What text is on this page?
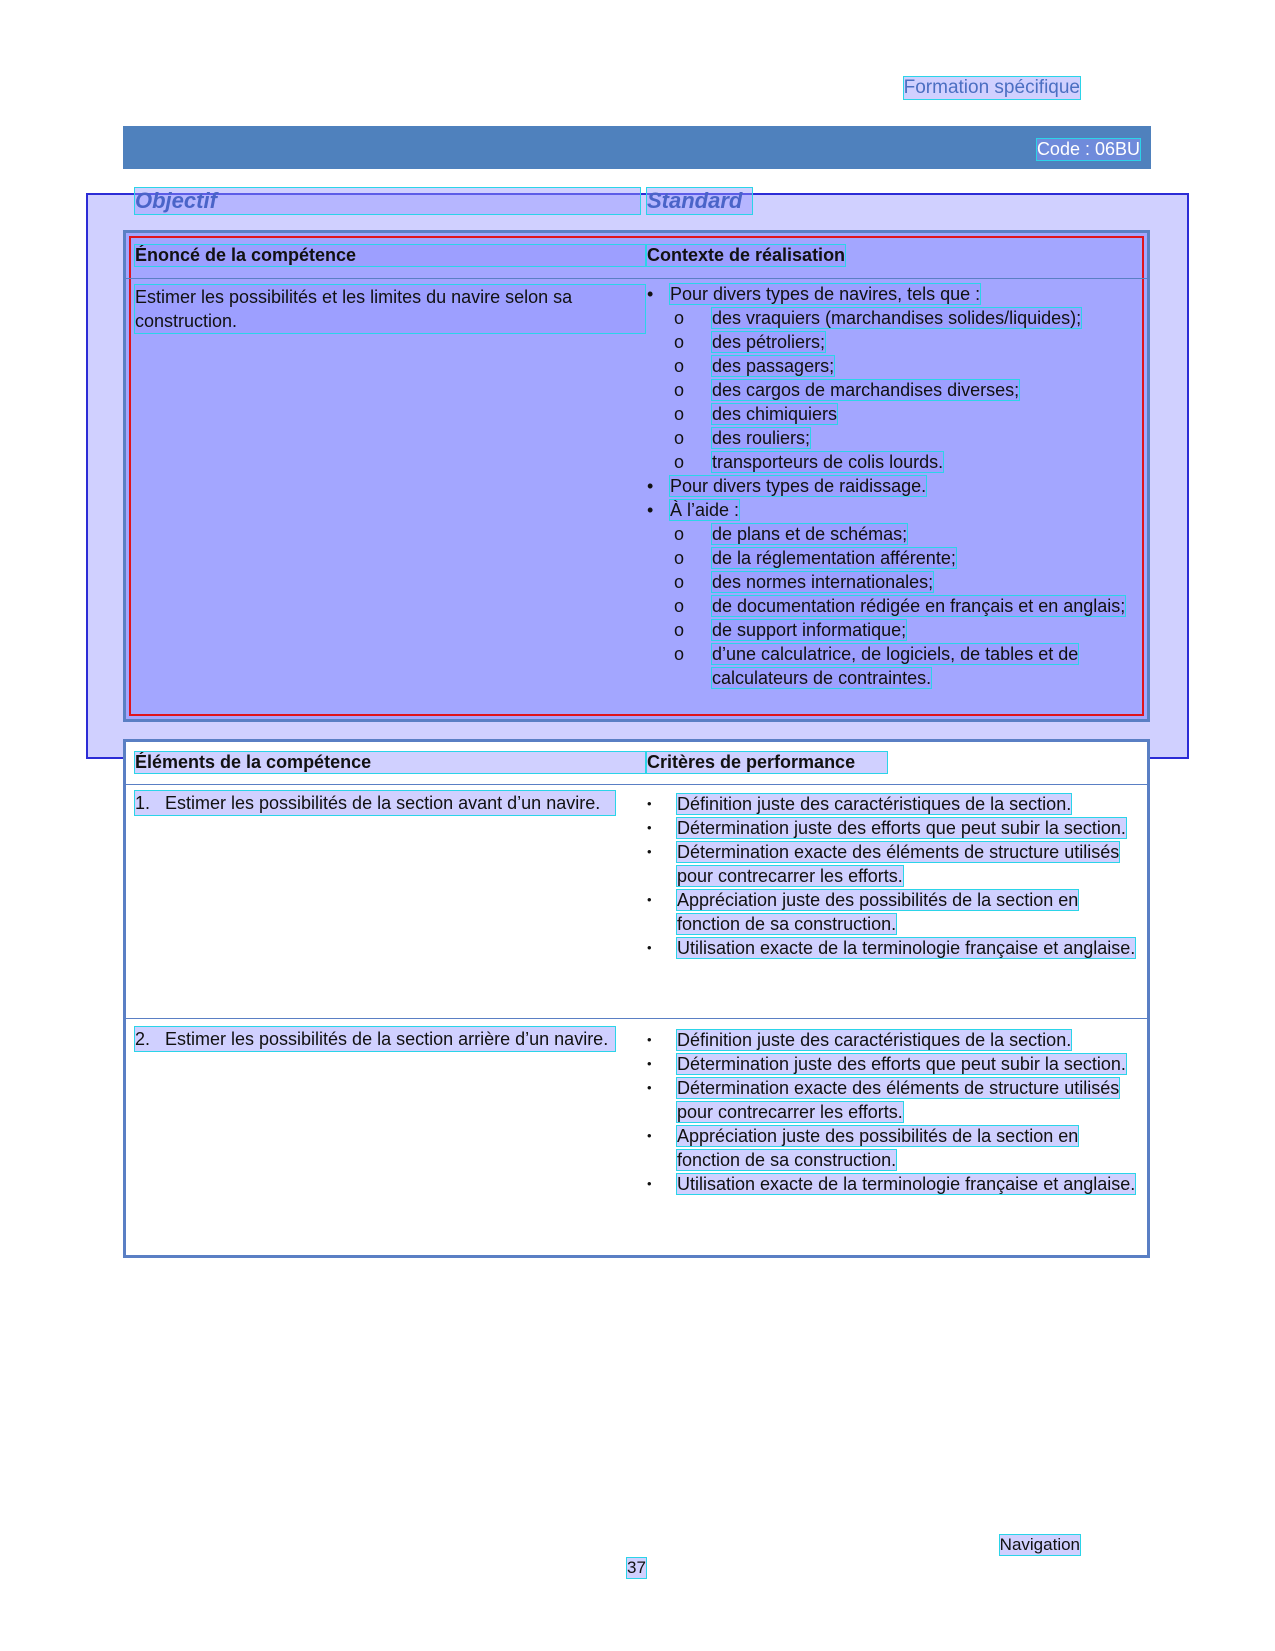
Formation spécifique
Code : 06BU
Objectif	Standard
Énoncé de la compétence	Contexte de réalisation
Estimer les possibilités et les limites du navire selon sa construction.
• Pour divers types de navires, tels que :
o	des vraquiers (marchandises solides/liquides);
o	des pétroliers;
o	des passagers;
o	des cargos de marchandises diverses;
o	des chimiquiers
o	des rouliers;
o	transporteurs de colis lourds.
• Pour divers types de raidissage.
• À l’aide :
o	de plans et de schémas;
o	de la réglementation afférente;
o	des normes internationales;
o	de documentation rédigée en français et en anglais;
o	de support informatique;
o	d’une calculatrice, de logiciels, de tables et de calculateurs de contraintes.
Éléments de la compétence	Critères de performance
1. Estimer les possibilités de la section avant d’un navire.	•	Définition juste des caractéristiques de la section.
•	Détermination juste des efforts que peut subir la section.
•	Détermination exacte des éléments de structure utilisés pour contrecarrer les efforts.
•	Appréciation juste des possibilités de la section en fonction de sa construction.
•	Utilisation exacte de la terminologie française et anglaise.
2. Estimer les possibilités de la section arrière d’un navire.	•	Définition juste des caractéristiques de la section.
•	Détermination juste des efforts que peut subir la section.
•	Détermination exacte des éléments de structure utilisés pour contrecarrer les efforts.
•	Appréciation juste des possibilités de la section en fonction de sa construction.
•	Utilisation exacte de la terminologie française et anglaise.
Navigation
37
